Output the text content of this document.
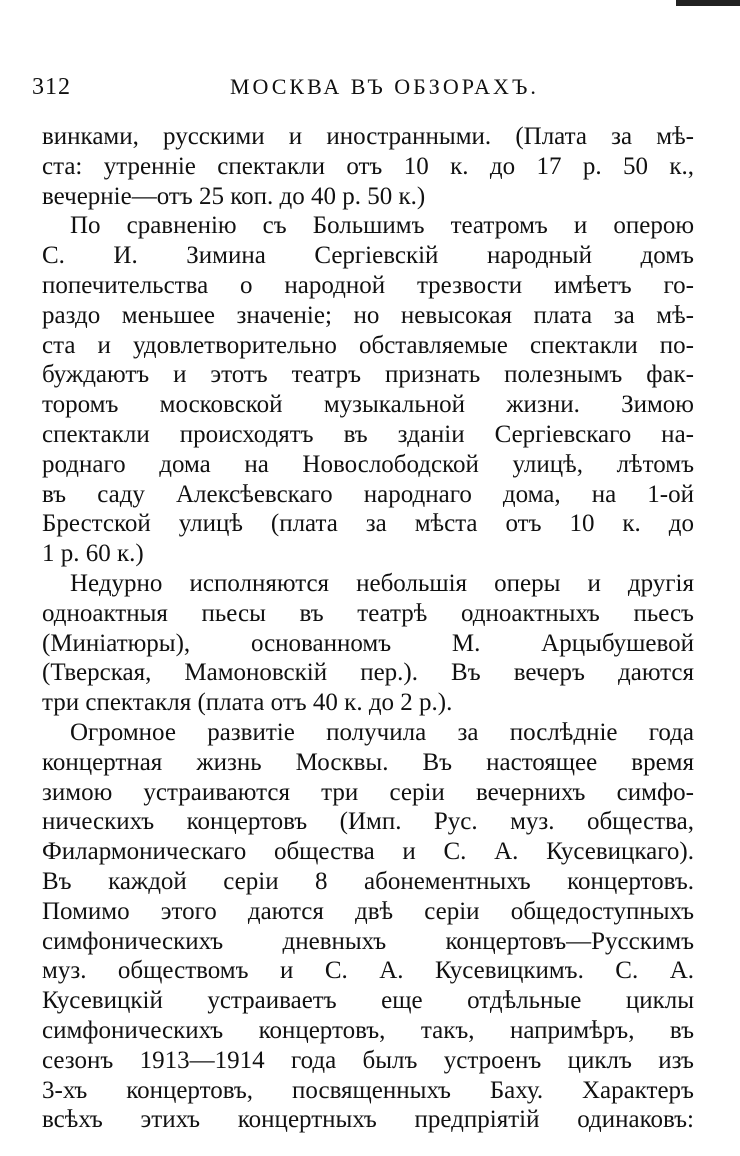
312	МОСКВА ВЪ ОБЗОРАХЪ.
винками, русскими и иностранными. (Плата за мѣ-
ста: утренніе спектакли отъ 10 к. до 17 р. 50 к.,
вечерніе—отъ 25 коп. до 40 р. 50 к.)
По сравненію съ Большимъ театромъ и оперою
С. И. Зимина Сергіевскій народный домъ
попечительства о народной трезвости имѣетъ го-
раздо меньшее значеніе; но невысокая плата за мѣ-
ста и удовлетворительно обставляемые спектакли по-
буждаютъ и этотъ театръ признать полезнымъ фак-
торомъ московской музыкальной жизни. Зимою
спектакли происходятъ въ зданіи Сергіевскаго на-
роднаго дома на Новослободской улицѣ, лѣтомъ
въ саду Алексѣевскаго народнаго дома, на 1-ой
Брестской улицѣ (плата за мѣста отъ 10 к. до
1 р. 60 к.)
Недурно исполняются небольшія оперы и другія
одноактныя пьесы въ театрѣ одноактныхъ пьесъ
(Миніатюры), основанномъ М. Арцыбушевой
(Тверская, Мамоновскій пер.). Въ вечеръ даются
три спектакля (плата отъ 40 к. до 2 р.).
Огромное развитіе получила за послѣдніе года
концертная жизнь Москвы. Въ настоящее время
зимою устраиваются три серіи вечернихъ симфо-
ническихъ концертовъ (Имп. Рус. муз. общества,
Филармоническаго общества и С. А. Кусевицкаго).
Въ каждой серіи 8 абонементныхъ концертовъ.
Помимо этого даются двѣ серіи общедоступныхъ
симфоническихъ дневныхъ концертовъ—Русскимъ
муз. обществомъ и С. А. Кусевицкимъ. С. А.
Кусевицкій устраиваетъ еще отдѣльные циклы
симфоническихъ концертовъ, такъ, напримѣръ, въ
сезонъ 1913—1914 года былъ устроенъ циклъ изъ
3-хъ концертовъ, посвященныхъ Баху. Характеръ
всѣхъ этихъ концертныхъ предпріятій одинаковъ:
